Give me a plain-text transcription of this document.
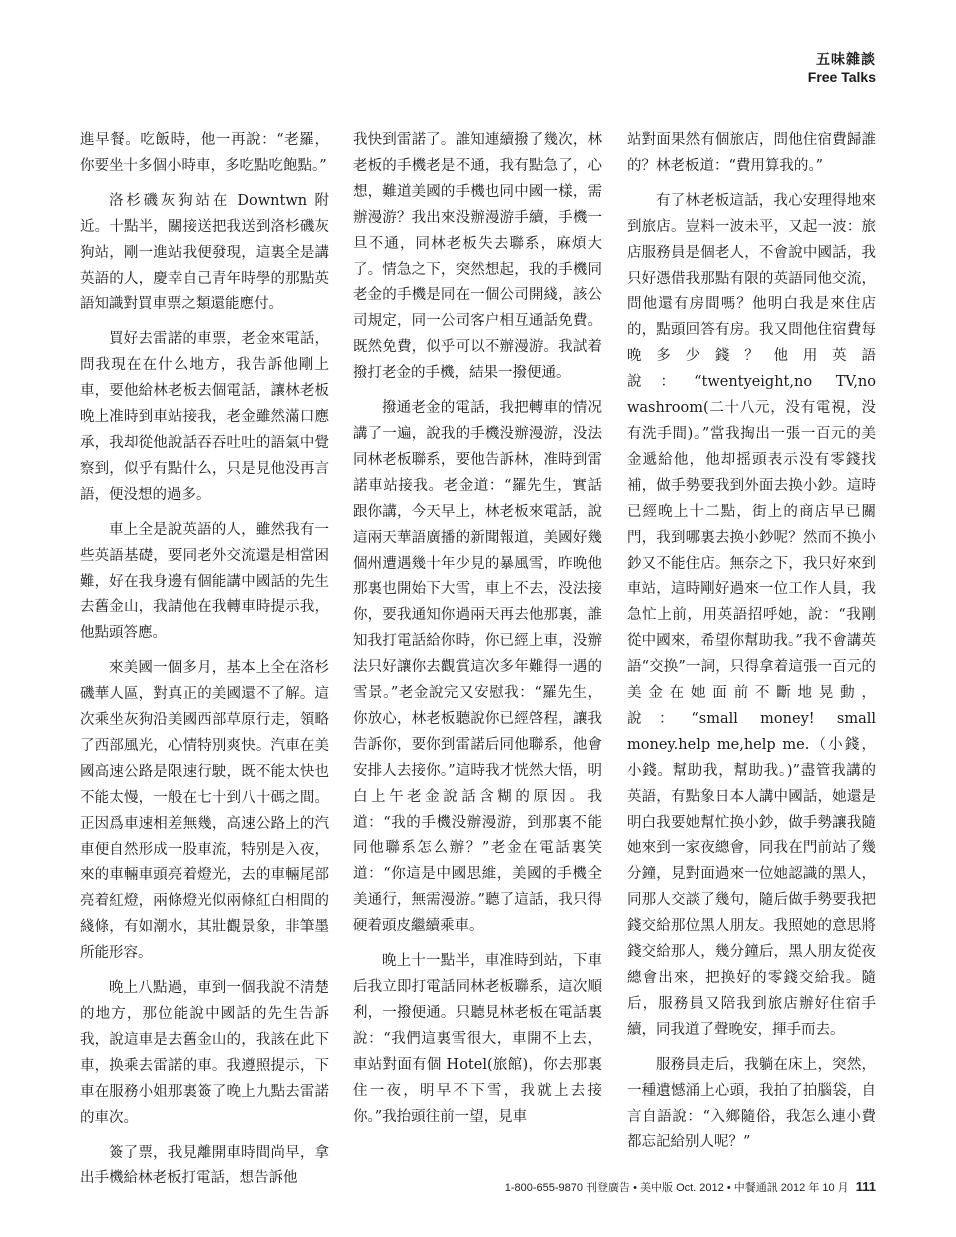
五味雜談
Free Talks

進早餐。吃飯時，他一再說：“老羅，你要坐十多個小時車，多吃點吃飽點。”

洛杉磯灰狗站在 Downtwn 附近。十點半，關接送把我送到洛杉磯灰狗站，剛一進站我便發現，這裏全是講英語的人，慶幸自己青年時學的那點英語知識對買車票之類還能應付。

買好去雷諾的車票，老金來電話，問我現在在什么地方，我告訴他剛上車，要他給林老板去個電話，讓林老板晚上准時到車站接我，老金雖然滿口應承，我却從他說話吞吞吐吐的語氣中覺察到，似乎有點什么，只是見他没再言語，便没想的過多。

車上全是說英語的人，雖然我有一些英語基礎，要同老外交流還是相當困難，好在我身邊有個能講中國話的先生去舊金山，我請他在我轉車時提示我，他點頭答應。

來美國一個多月，基本上全在洛杉磯華人區，對真正的美國還不了解。這次乘坐灰狗沿美國西部草原行走，領略了西部風光，心情特別爽快。汽車在美國高速公路是限速行駛，既不能太快也不能太慢，一般在七十到八十碼之間。正因爲車速相差無幾，高速公路上的汽車便自然形成一股車流，特别是入夜，來的車輛車頭亮着燈光，去的車輛尾部亮着紅燈，兩條燈光似兩條紅白相間的綫條，有如潮水，其壯觀景象，非筆墨所能形容。

晚上八點過，車到一個我說不清楚的地方，那位能說中國話的先生告訴我，說這車是去舊金山的，我該在此下車，换乘去雷諾的車。我遵照提示，下車在服務小姐那裏簽了晚上九點去雷諾的車次。

簽了票，我見離開車時間尚早，拿出手機給林老板打電話，想告訴他

我快到雷諾了。誰知連續撥了幾次，林老板的手機老是不通，我有點急了，心想，難道美國的手機也同中國一樣，需辦漫游？我出來没辦漫游手續，手機一旦不通，同林老板失去聯系，麻煩大了。情急之下，突然想起，我的手機同老金的手機是同在一個公司開綫，該公司規定，同一公司客户相互通話免費。既然免費，似乎可以不辦漫游。我試着撥打老金的手機，結果一撥便通。

撥通老金的電話，我把轉車的情况講了一遍，說我的手機没辦漫游，没法同林老板聯系，要他告訴林，准時到雷諾車站接我。老金道：“羅先生，實話跟你講，今天早上，林老板來電話，說這兩天華語廣播的新聞報道，美國好幾個州遭遇幾十年少見的暴風雪，昨晚他那裏也開始下大雪，車上不去，没法接你，要我通知你過兩天再去他那裏，誰知我打電話給你時，你已經上車，没辦法只好讓你去觀賞這次多年難得一遇的雪景。”老金說完又安慰我：“羅先生，你放心，林老板聽說你已經啓程，讓我告訴你，要你到雷諾后同他聯系，他會安排人去接你。”這時我才恍然大悟，明白上午老金說話含糊的原因。我道：“我的手機没辦漫游，到那裏不能同他聯系怎么辦？”老金在電話裏笑道：“你這是中國思維，美國的手機全美通行，無需漫游。”聽了這話，我只得硬着頭皮繼續乘車。

晚上十一點半，車准時到站，下車后我立即打電話同林老板聯系，這次順利，一撥便通。只聽見林老板在電話裏說：“我們這裏雪很大，車開不上去，車站對面有個 Hotel(旅館)，你去那裏住一夜，明早不下雪，我就上去接你。”我抬頭往前一望，見車

站對面果然有個旅店，問他住宿費歸誰的？林老板道：“費用算我的。”

有了林老板這話，我心安理得地來到旅店。豈料一波未平，又起一波：旅店服務員是個老人，不會說中國話，我只好憑借我那點有限的英語同他交流，問他還有房間嗎？他明白我是來住店的，點頭回答有房。我又問他住宿費每晚多少錢？他用英語說：“twentyeight,no TV,no washroom(二十八元，没有電視，没有洗手間)。”當我掏出一張一百元的美金遞給他，他却摇頭表示没有零錢找補，做手勢要我到外面去换小鈔。這時已經晚上十二點，街上的商店早已關門，我到哪裏去换小鈔呢？然而不换小鈔又不能住店。無奈之下，我只好來到車站，這時剛好過來一位工作人員，我急忙上前，用英語招呼她，說：“我剛從中國來，希望你幫助我。”我不會講英語“交换”一詞，只得拿着這張一百元的美金在她面前不斷地晃動，說：“small money! small money.help me,help me.（小錢，小錢。幫助我，幫助我。)”盡管我講的英語，有點象日本人講中國話，她還是明白我要她幫忙换小鈔，做手勢讓我隨她來到一家夜總會，同我在門前站了幾分鐘，見對面過來一位她認識的黑人，同那人交談了幾句，隨后做手勢要我把錢交給那位黑人朋友。我照她的意思將錢交給那人，幾分鐘后，黑人朋友從夜總會出來，把换好的零錢交給我。隨后，服務員又陪我到旅店辦好住宿手續，同我道了聲晚安，揮手而去。

服務員走后，我躺在床上，突然，一種遺憾涌上心頭，我拍了拍腦袋，自言自語說：“入鄉隨俗，我怎么連小費都忘記給别人呢？”

1-800-655-9870 刊登廣告 • 美中版 Oct. 2012 • 中餐通訊 2012 年 10 月 111
